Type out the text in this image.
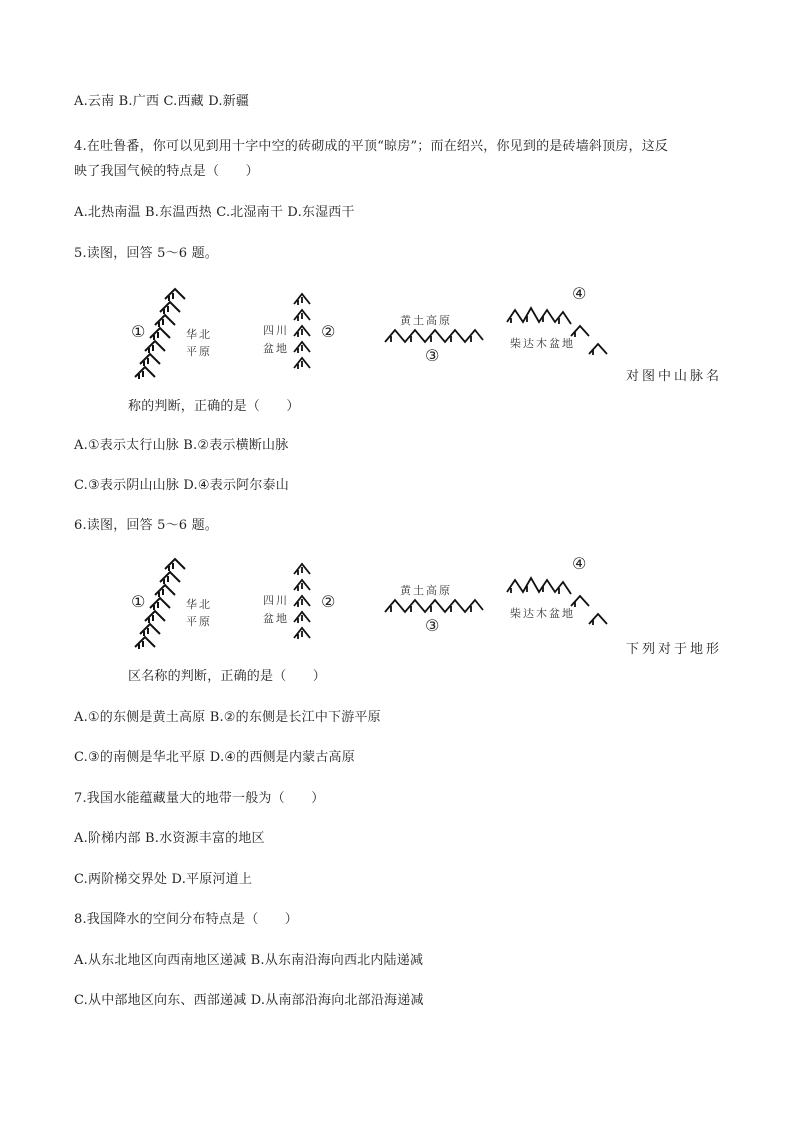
A.云南 B.广西 C.西藏 D.新疆
4.在吐鲁番，你可以见到用十字中空的砖砌成的平顶“晾房”；而在绍兴，你见到的是砖墙斜顶房，这反
映了我国气候的特点是（　　）
A.北热南温 B.东温西热 C.北湿南干 D.东湿西干
5.读图，回答 5～6 题。
①	华北
平原
四川
盆地
②
黄土高原
③
④
柴达木盆地
对图中山脉名
称的判断，正确的是（　　）
A.①表示太行山脉 B.②表示横断山脉
C.③表示阴山山脉 D.④表示阿尔泰山
6.读图，回答 5～6 题。
①	华北
平原
四川
盆地
②
黄土高原
③
④
柴达木盆地
下列对于地形
区名称的判断，正确的是（　　）
A.①的东侧是黄土高原 B.②的东侧是长江中下游平原
C.③的南侧是华北平原 D.④的西侧是内蒙古高原
7.我国水能蕴藏量大的地带一般为（　　）
A.阶梯内部 B.水资源丰富的地区
C.两阶梯交界处 D.平原河道上
8.我国降水的空间分布特点是（　　）
A.从东北地区向西南地区递减 B.从东南沿海向西北内陆递减
C.从中部地区向东、西部递减 D.从南部沿海向北部沿海递减
